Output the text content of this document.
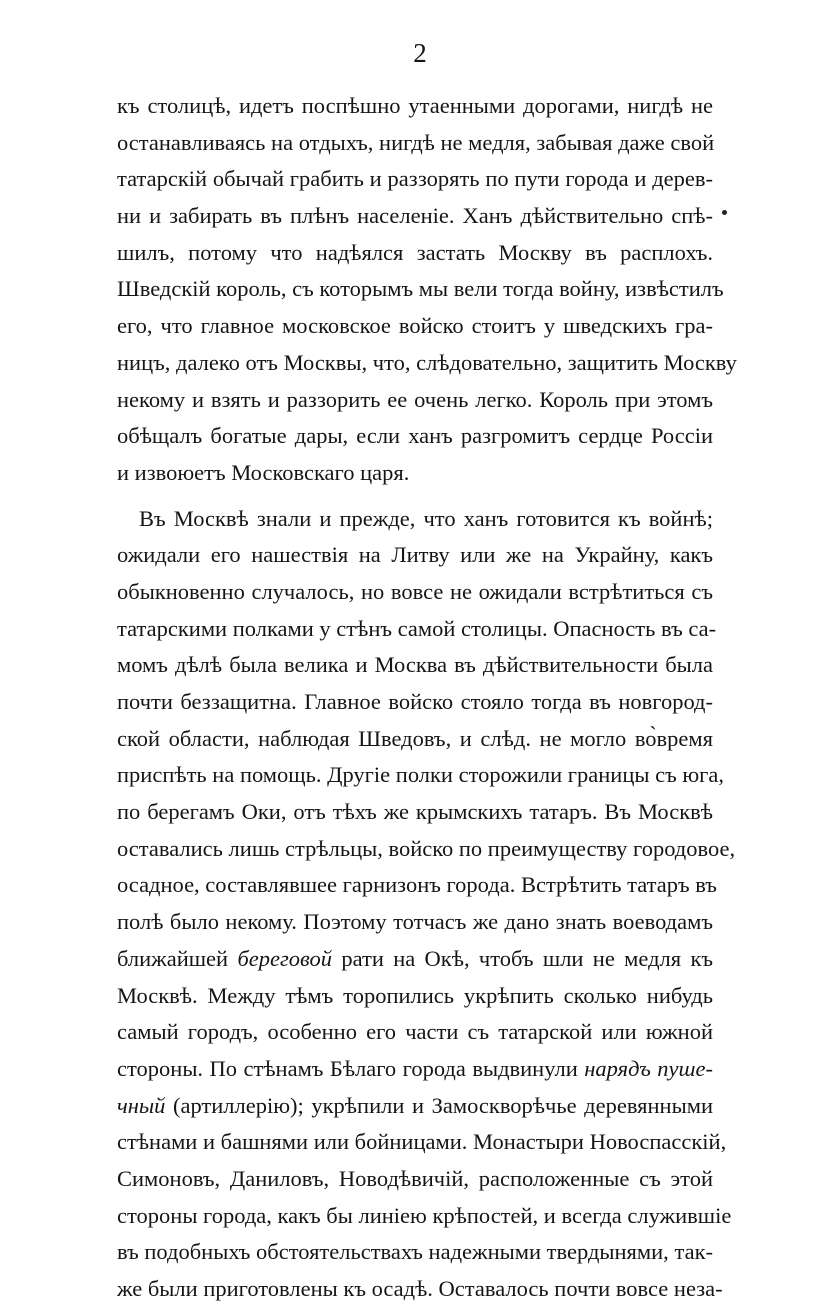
2
къ столицѣ, идетъ поспѣшно утаенными дорогами, нигдѣ не
останавливаясь на отдыхъ, нигдѣ не медля, забывая даже свой
татарскій обычай грабить и раззорять по пути города и дерев-
ни и забирать въ плѣнъ населеніе. Ханъ дѣйствительно спѣ-
шилъ, потому что надѣялся застать Москву въ расплохъ.
Шведскій король, съ которымъ мы вели тогда войну, извѣстилъ
его, что главное московское войско стоитъ у шведскихъ гра-
ницъ, далеко отъ Москвы, что, слѣдовательно, защитить Москву
некому и взять и раззорить ее очень легко. Король при этомъ
обѣщалъ богатые дары, если ханъ разгромитъ сердце Россіи
и извоюетъ Московскаго царя.
Въ Москвѣ знали и прежде, что ханъ готовится къ войнѣ;
ожидали его нашествія на Литву или же на Украйну, какъ
обыкновенно случалось, но вовсе не ожидали встрѣтиться съ
татарскими полками у стѣнъ самой столицы. Опасность въ са-
момъ дѣлѣ была велика и Москва въ дѣйствительности была
почти беззащитна. Главное войско стояло тогда въ новгород-
ской области, наблюдая Шведовъ, и слѣд. не могло во̀время
приспѣть на помощь. Другіе полки сторожили границы съ юга,
по берегамъ Оки, отъ тѣхъ же крымскихъ татаръ. Въ Москвѣ
оставались лишь стрѣльцы, войско по преимуществу городовое,
осадное, составлявшее гарнизонъ города. Встрѣтить татаръ въ
полѣ было некому. Поэтому тотчасъ же дано знать воеводамъ
ближайшей береговой рати на Окѣ, чтобъ шли не медля къ
Москвѣ. Между тѣмъ торопились укрѣпить сколько нибудь
самый городъ, особенно его части съ татарской или южной
стороны. По стѣнамъ Бѣлаго города выдвинули нарядъ пуше-
чный (артиллерію); укрѣпили и Замоскворѣчье деревянными
стѣнами и башнями или бойницами. Монастыри Новоспасскій,
Симоновъ, Даниловъ, Новодѣвичій, расположенные съ этой
стороны города, какъ бы линіею крѣпостей, и всегда служившіе
въ подобныхъ обстоятельствахъ надежными твердынями, так-
же были приготовлены къ осадѣ. Оставалось почти вовсе неза-
